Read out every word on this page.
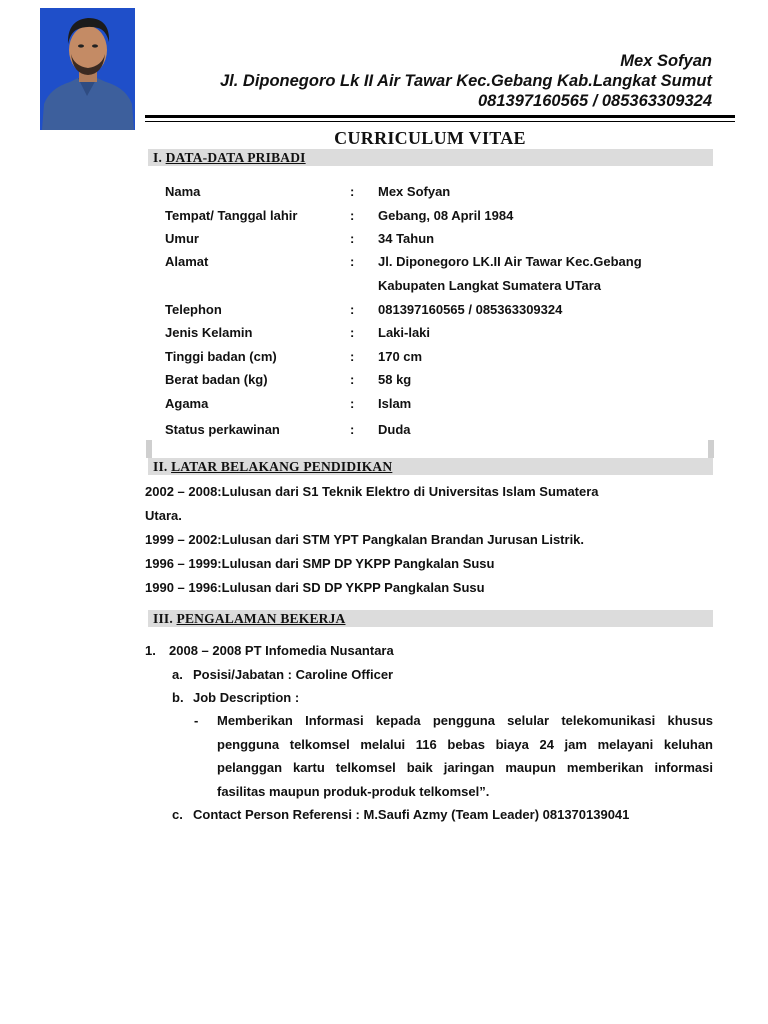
Mex Sofyan
Jl. Diponegoro Lk II Air Tawar Kec.Gebang Kab.Langkat Sumut
081397160565 / 085363309324
CURRICULUM VITAE
I. DATA-DATA PRIBADI
Nama	: Mex Sofyan
Tempat/ Tanggal lahir	: Gebang, 08 April 1984
Umur	: 34 Tahun
Alamat	: Jl. Diponegoro LK.II Air Tawar Kec.Gebang
Kabupaten Langkat Sumatera UTara
Telephon	: 081397160565 / 085363309324
Jenis Kelamin	: Laki-laki
Tinggi badan (cm)	: 170 cm
Berat badan (kg)	: 58 kg
Agama	: Islam
Status perkawinan	: Duda
II. LATAR BELAKANG PENDIDIKAN
2002 – 2008:Lulusan dari S1 Teknik Elektro di Universitas Islam Sumatera
Utara.
1999 – 2002:Lulusan dari STM YPT Pangkalan Brandan Jurusan Listrik.
1996 – 1999:Lulusan dari SMP DP YKPP Pangkalan Susu
1990 – 1996:Lulusan dari SD DP YKPP Pangkalan Susu
III. PENGALAMAN BEKERJA
1. 2008 – 2008 PT Infomedia Nusantara
a. Posisi/Jabatan : Caroline Officer
b. Job Description :
- Memberikan Informasi kepada pengguna selular telekomunikasi khusus pengguna telkomsel melalui 116 bebas biaya 24 jam melayani keluhan pelanggan kartu telkomsel baik jaringan maupun memberikan informasi fasilitas maupun produk-produk telkomsel”.
c. Contact Person Referensi : M.Saufi Azmy (Team Leader) 081370139041
